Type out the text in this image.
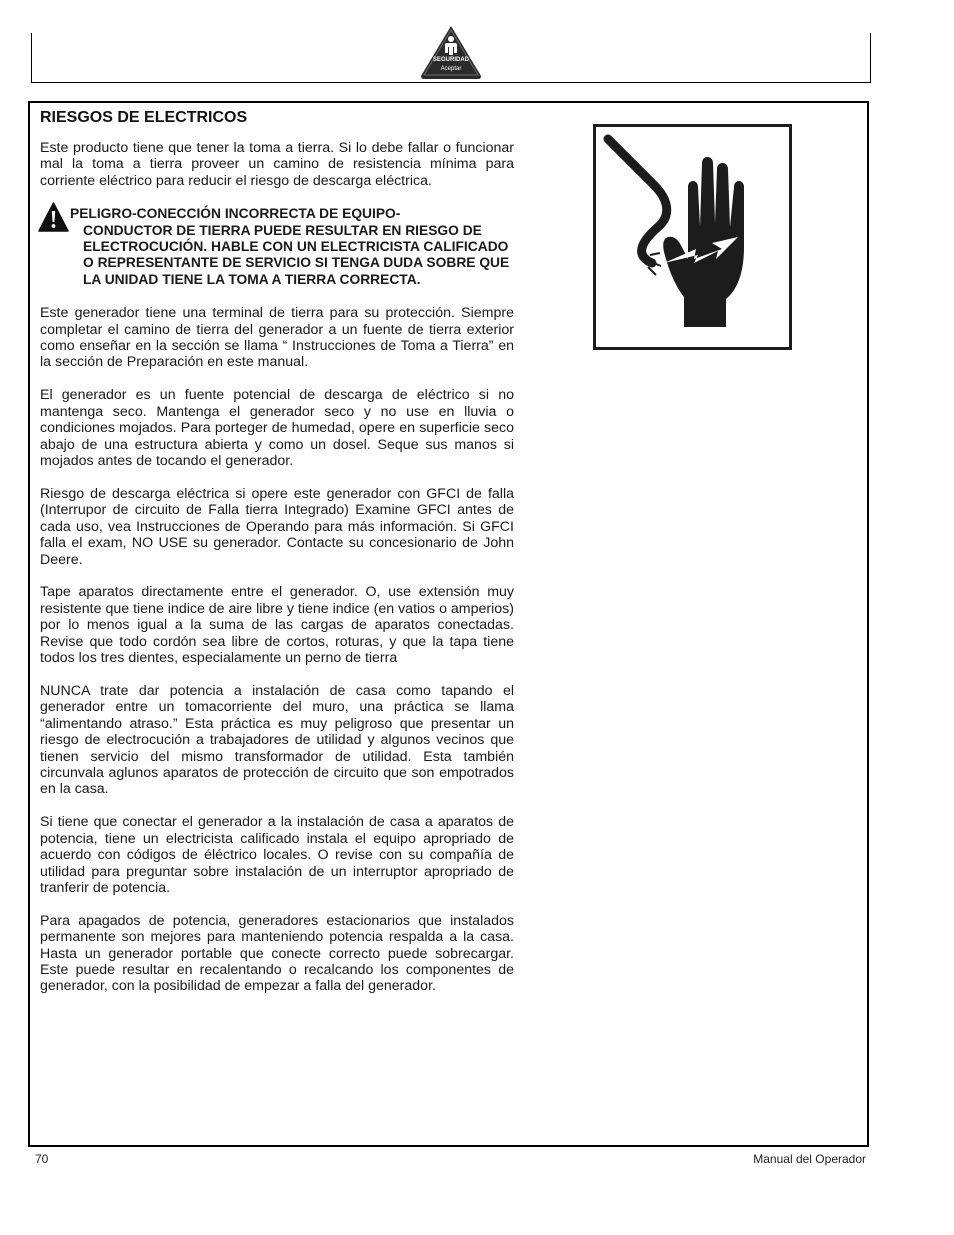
SEGURIDAD
Aceptar
RIESGOS DE ELECTRICOS

Este producto tiene que tener la toma a tierra. Si lo debe fallar o funcionar mal la toma a tierra proveer un camino de resistencia mínima para corriente eléctrico para reducir el riesgo de descarga eléctrica.

PELIGRO-CONECCIÓN INCORRECTA DE EQUIPO-
CONDUCTOR DE TIERRA PUEDE RESULTAR EN RIESGO DE ELECTROCUCIÓN. HABLE CON UN ELECTRICISTA CALIFICADO O REPRESENTANTE DE SERVICIO SI TENGA DUDA SOBRE QUE LA UNIDAD TIENE LA TOMA A TIERRA CORRECTA.

Este generador tiene una terminal de tierra para su protección. Siempre completar el camino de tierra del generador a un fuente de tierra exterior como enseñar en la sección se llama “ Instrucciones de Toma a Tierra” en la sección de Preparación en este manual.

El generador es un fuente potencial de descarga de eléctrico si no mantenga seco. Mantenga el generador seco y no use en lluvia o condiciones mojados. Para porteger de humedad, opere en superficie seco abajo de una estructura abierta y como un dosel. Seque sus manos si mojados antes de tocando el generador.

Riesgo de descarga eléctrica si opere este generador con GFCI de falla (Interrupor de circuito de Falla tierra Integrado) Examine GFCI antes de cada uso, vea Instrucciones de Operando para más información. Si GFCI falla el exam, NO USE su generador. Contacte su concesionario de John Deere.

Tape aparatos directamente entre el generador. O, use extensión muy resistente que tiene indice de aire libre y tiene indice (en vatios o amperios) por lo menos igual a la suma de las cargas de aparatos conectadas. Revise que todo cordón sea libre de cortos, roturas, y que la tapa tiene todos los tres dientes, especialamente un perno de tierra

NUNCA trate dar potencia a instalación de casa como tapando el generador entre un tomacorriente del muro, una práctica se llama “alimentando atraso.” Esta práctica es muy peligroso que presentar un riesgo de electrocución a trabajadores de utilidad y algunos vecinos que tienen servicio del mismo transformador de utilidad. Esta también circunvala aglunos aparatos de protección de circuito que son empotrados en la casa.

Si tiene que conectar el generador a la instalación de casa a aparatos de potencia, tiene un electricista calificado instala el equipo apropriado de acuerdo con códigos de éléctrico locales. O revise con su compañía de utilidad para preguntar sobre instalación de un interruptor apropriado de tranferir de potencia.

Para apagados de potencia, generadores estacionarios que instalados permanente son mejores para manteniendo potencia respalda a la casa. Hasta un generador portable que conecte correcto puede sobrecargar. Este puede resultar en recalentando o recalcando los componentes de generador, con la posibilidad de empezar a falla del generador.

70	Manual del Operador
